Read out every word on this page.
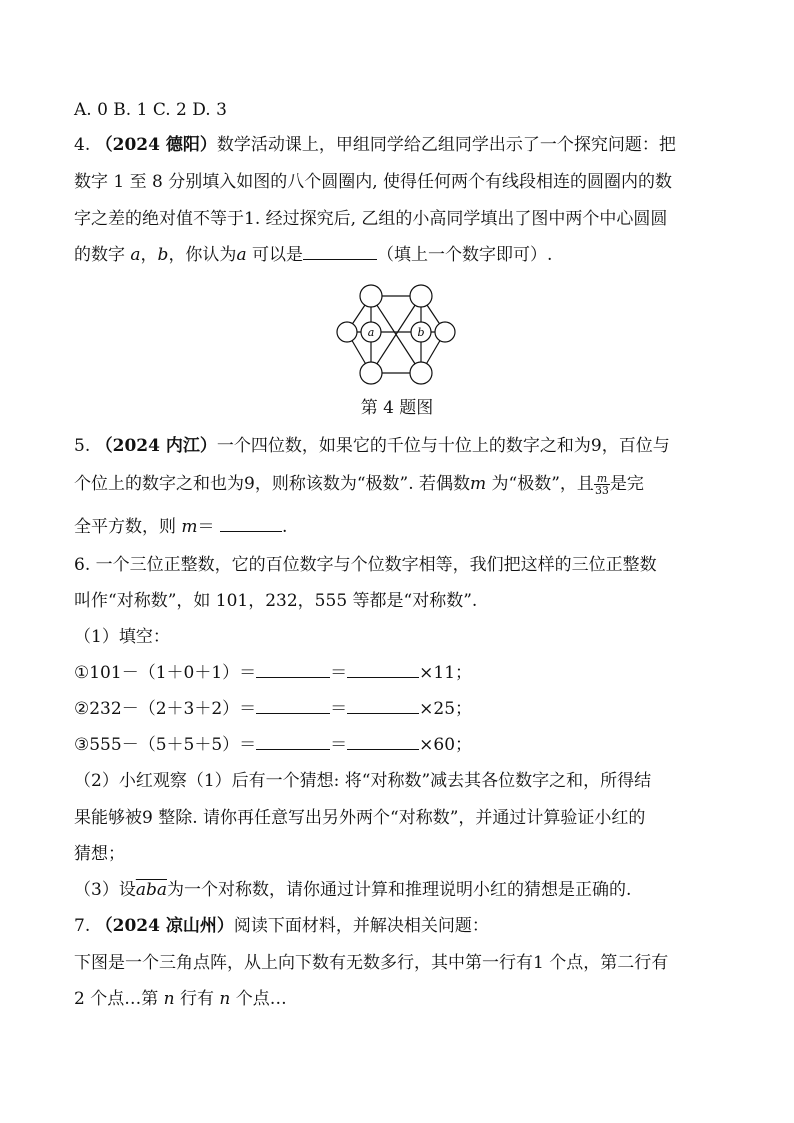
A. 0 B. 1 C. 2 D. 3
4. （2024 德阳）数学活动课上，甲组同学给乙组同学出示了一个探究问题：把
数字 1 至 8 分别填入如图的八个圆圈内, 使得任何两个有线段相连的圆圈内的数
字之差的绝对值不等于1. 经过探究后, 乙组的小高同学填出了图中两个中心圆圆
的数字 a，b，你认为a 可以是	（填上一个数字即可）.
a	b
第 4 题图
5. （2024 内江）一个四位数，如果它的千位与十位上的数字之和为9，百位与
个位上的数字之和也为9，则称该数为“极数”. 若偶数m 为“极数”，且 $\frac{m}{33}$ 是完
全平方数，则 m＝	.
6. 一个三位正整数，它的百位数字与个位数字相等，我们把这样的三位正整数
叫作“对称数”，如 101，232，555 等都是“对称数”.
（1）填空：
①101－（1＋0＋1）＝	＝	×11；
②232－（2＋3＋2）＝	＝	×25；
③555－（5＋5＋5）＝	＝	×60；
（2）小红观察（1）后有一个猜想: 将“对称数”减去其各位数字之和，所得结
果能够被9 整除. 请你再任意写出另外两个“对称数”，并通过计算验证小红的
猜想；
（3）设$\overline{aba}$为一个对称数，请你通过计算和推理说明小红的猜想是正确的.
7. （2024 凉山州）阅读下面材料，并解决相关问题：
下图是一个三角点阵，从上向下数有无数多行，其中第一行有1 个点，第二行有
2 个点…第 n 行有 n 个点…
